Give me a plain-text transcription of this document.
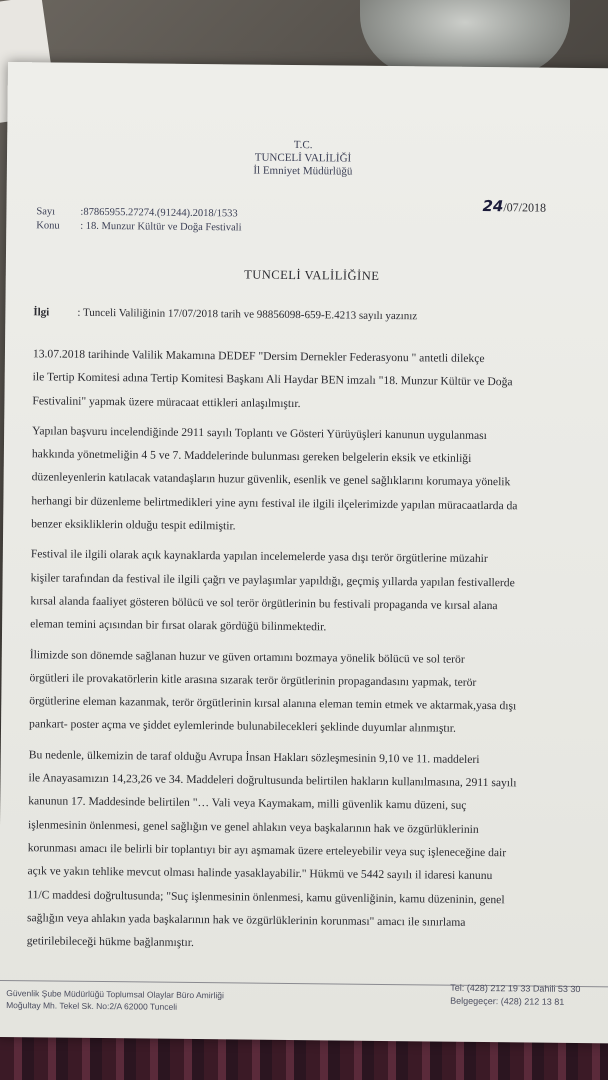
T.C.
TUNCELİ VALİLİĞİ
İl Emniyet Müdürlüğü
24/07/2018
Sayı :87865955.27274.(91244).2018/1533
Konu : 18. Munzur Kültür ve Doğa Festivali
TUNCELİ VALİLİĞİNE
İlgi	: Tunceli Valiliğinin 17/07/2018 tarih ve 98856098-659-E.4213 sayılı yazınız
13.07.2018 tarihinde Valilik Makamına DEDEF "Dersim Dernekler Federasyonu " antetli dilekçe
ile Tertip Komitesi adına Tertip Komitesi Başkanı Ali Haydar BEN imzalı "18. Munzur Kültür ve Doğa
Festivalini" yapmak üzere müracaat ettikleri anlaşılmıştır.
Yapılan başvuru incelendiğinde 2911 sayılı Toplantı ve Gösteri Yürüyüşleri kanunun uygulanması
hakkında yönetmeliğin 4 5 ve 7. Maddelerinde bulunması gereken belgelerin eksik ve etkinliği
düzenleyenlerin katılacak vatandaşların huzur güvenlik, esenlik ve genel sağlıklarını korumaya yönelik
herhangi bir düzenleme belirtmedikleri yine aynı festival ile ilgili ilçelerimizde yapılan müracaatlarda da
benzer eksikliklerin olduğu tespit edilmiştir.
Festival ile ilgili olarak açık kaynaklarda yapılan incelemelerde yasa dışı terör örgütlerine müzahir
kişiler tarafından da festival ile ilgili çağrı ve paylaşımlar yapıldığı, geçmiş yıllarda yapılan festivallerde
kırsal alanda faaliyet gösteren bölücü ve sol terör örgütlerinin bu festivali propaganda ve kırsal alana
eleman temini açısından bir fırsat olarak gördüğü bilinmektedir.
İlimizde son dönemde sağlanan huzur ve güven ortamını bozmaya yönelik bölücü ve sol terör
örgütleri ile provakatörlerin kitle arasına sızarak terör örgütlerinin propagandasını yapmak, terör
örgütlerine eleman kazanmak, terör örgütlerinin kırsal alanına eleman temin etmek ve aktarmak,yasa dışı
pankart- poster açma ve şiddet eylemlerinde bulunabilecekleri şeklinde duyumlar alınmıştır.
Bu nedenle, ülkemizin de taraf olduğu Avrupa İnsan Hakları sözleşmesinin 9,10 ve 11. maddeleri
ile Anayasamızın 14,23,26 ve 34. Maddeleri doğrultusunda belirtilen hakların kullanılmasına, 2911 sayılı
kanunun 17. Maddesinde belirtilen "… Vali veya Kaymakam, milli güvenlik kamu düzeni, suç
işlenmesinin önlenmesi, genel sağlığın ve genel ahlakın veya başkalarının hak ve özgürlüklerinin
korunması amacı ile belirli bir toplantıyı bir ayı aşmamak üzere erteleyebilir veya suç işleneceğine dair
açık ve yakın tehlike mevcut olması halinde yasaklayabilir." Hükmü ve 5442 sayılı il idaresi kanunu
11/C maddesi doğrultusunda; "Suç işlenmesinin önlenmesi, kamu güvenliğinin, kamu düzeninin, genel
sağlığın veya ahlakın yada başkalarının hak ve özgürlüklerinin korunması" amacı ile sınırlama
getirilebileceği hükme bağlanmıştır.
Güvenlik Şube Müdürlüğü Toplumsal Olaylar Büro Amirliği
Moğultay Mh. Tekel Sk. No:2/A 62000 Tunceli
Tel: (428) 212 19 33 Dahili 53 30
Belgegeçer: (428) 212 13 81
